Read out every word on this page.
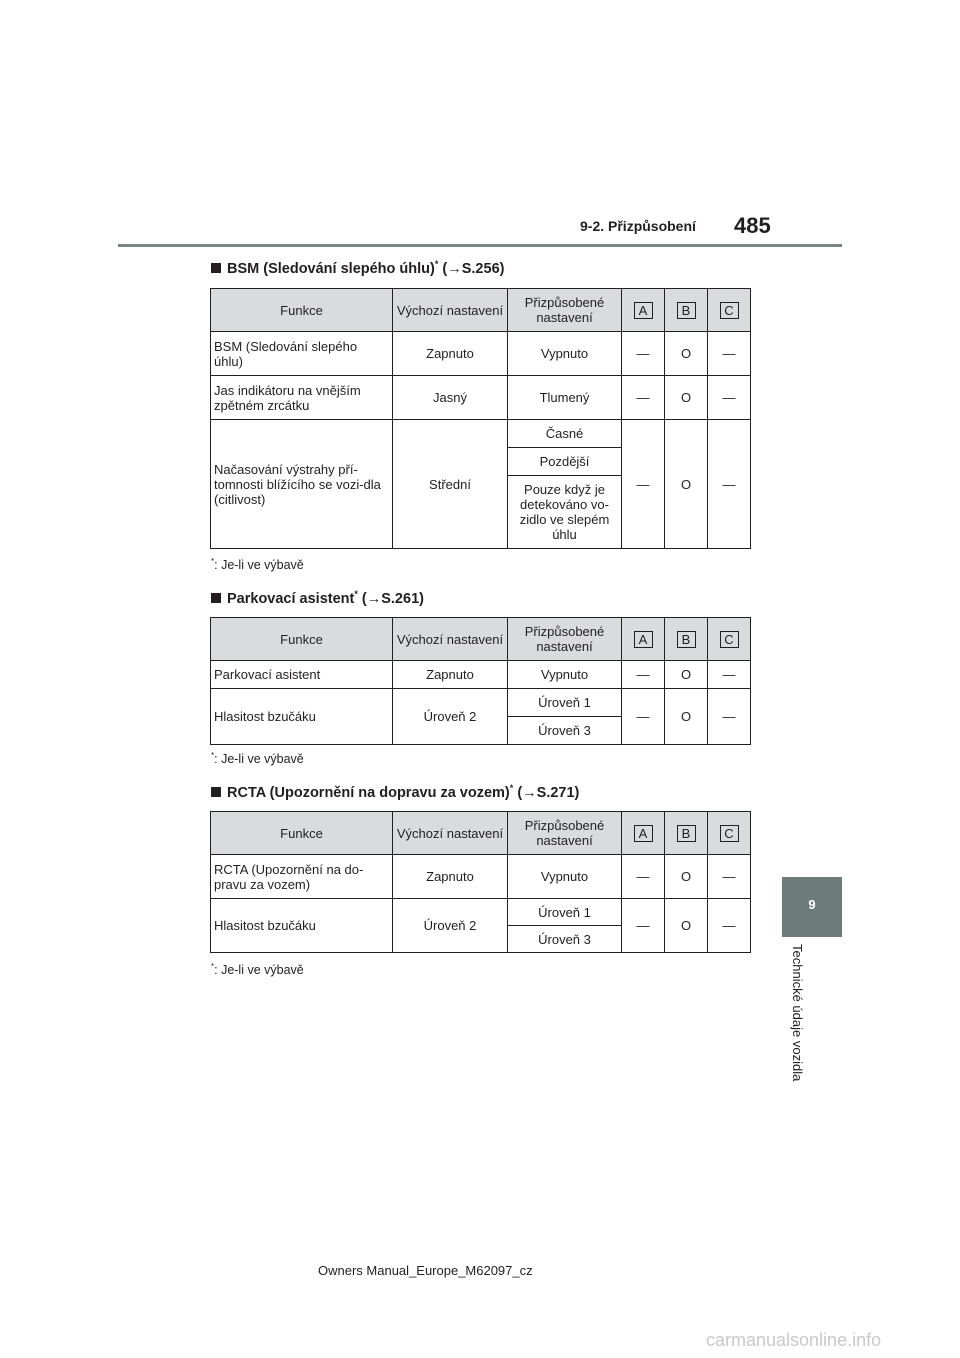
9-2. Přizpůsobení 485
9
Technické údaje vozidla
BSM (Sledování slepého úhlu)* (→S.256)
Funkce	Výchozí nastavení	Přizpůsobené nastavení	A	B	C
BSM (Sledování slepého úhlu)	Zapnuto	Vypnuto	—	O	—
Jas indikátoru na vnějším zpětném zrcátku	Jasný	Tlumený	—	O	—
Načasování výstrahy pří-tomnosti blížícího se vozi-dla (citlivost)	Střední	Časné	—	O	—
		Pozdější			
		Pouze když je detekováno vo-zidlo ve slepém úhlu			
*: Je-li ve výbavě
Parkovací asistent* (→S.261)
Funkce	Výchozí nastavení	Přizpůsobené nastavení	A	B	C
Parkovací asistent	Zapnuto	Vypnuto	—	O	—
Hlasitost bzučáku	Úroveň 2	Úroveň 1	—	O	—
		Úroveň 3			
*: Je-li ve výbavě
RCTA (Upozornění na dopravu za vozem)* (→S.271)
Funkce	Výchozí nastavení	Přizpůsobené nastavení	A	B	C
RCTA (Upozornění na do-pravu za vozem)	Zapnuto	Vypnuto	—	O	—
Hlasitost bzučáku	Úroveň 2	Úroveň 1	—	O	—
		Úroveň 3			
*: Je-li ve výbavě
Owners Manual_Europe_M62097_cz
carmanualsonline.info
